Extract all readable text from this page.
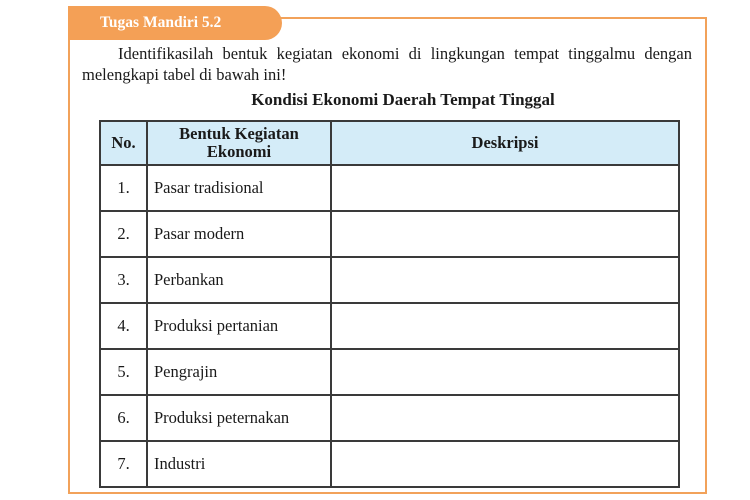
Tugas Mandiri 5.2
Identifikasilah bentuk kegiatan ekonomi di lingkungan tempat tinggalmu dengan melengkapi tabel di bawah ini!
Kondisi Ekonomi Daerah Tempat Tinggal
No.	Bentuk Kegiatan Ekonomi	Deskripsi
1.	Pasar tradisional	
2.	Pasar modern	
3.	Perbankan	
4.	Produksi pertanian	
5.	Pengrajin	
6.	Produksi peternakan	
7.	Industri	
